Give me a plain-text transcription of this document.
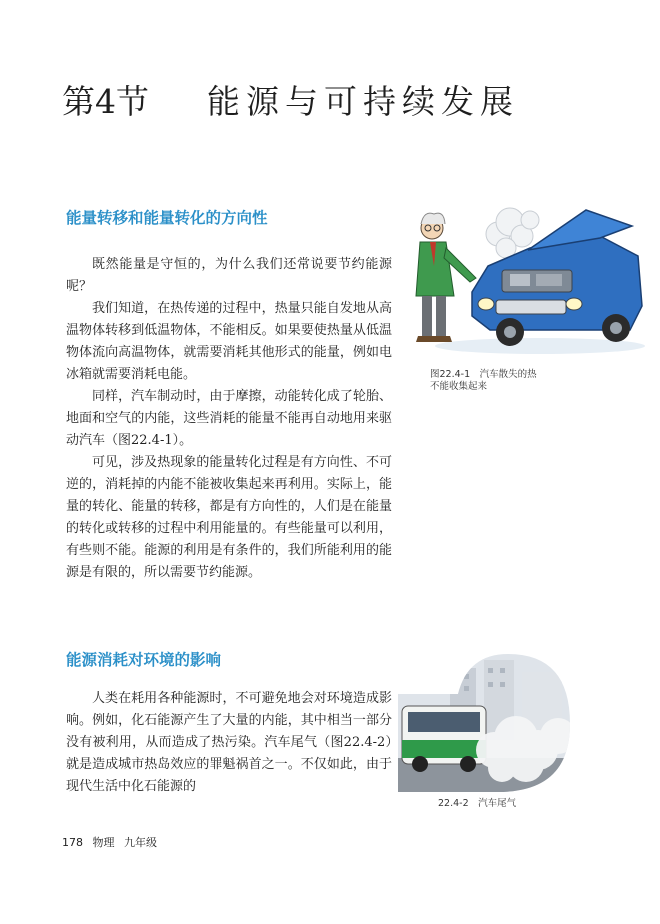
第4节 能源与可持续发展
能量转移和能量转化的方向性

既然能量是守恒的，为什么我们还常说要节约能源呢？

我们知道，在热传递的过程中，热量只能自发地从高温物体转移到低温物体，不能相反。如果要使热量从低温物体流向高温物体，就需要消耗其他形式的能量，例如电冰箱就需要消耗电能。

同样，汽车制动时，由于摩擦，动能转化成了轮胎、地面和空气的内能，这些消耗的能量不能再自动地用来驱动汽车（图22.4-1）。

可见，涉及热现象的能量转化过程是有方向性、不可逆的，消耗掉的内能不能被收集起来再利用。实际上，能量的转化、能量的转移，都是有方向性的，人们是在能量的转化或转移的过程中利用能量的。有些能量可以利用，有些则不能。能源的利用是有条件的，我们所能利用的能源是有限的，所以需要节约能源。

图22.4-1　汽车散失的热
不能收集起来
能源消耗对环境的影响

人类在耗用各种能源时，不可避免地会对环境造成影响。例如，化石能源产生了大量的内能，其中相当一部分没有被利用，从而造成了热污染。汽车尾气（图22.4-2）就是造成城市热岛效应的罪魁祸首之一。不仅如此，由于现代生活中化石能源的

22.4-2　汽车尾气
178 物理 九年级
